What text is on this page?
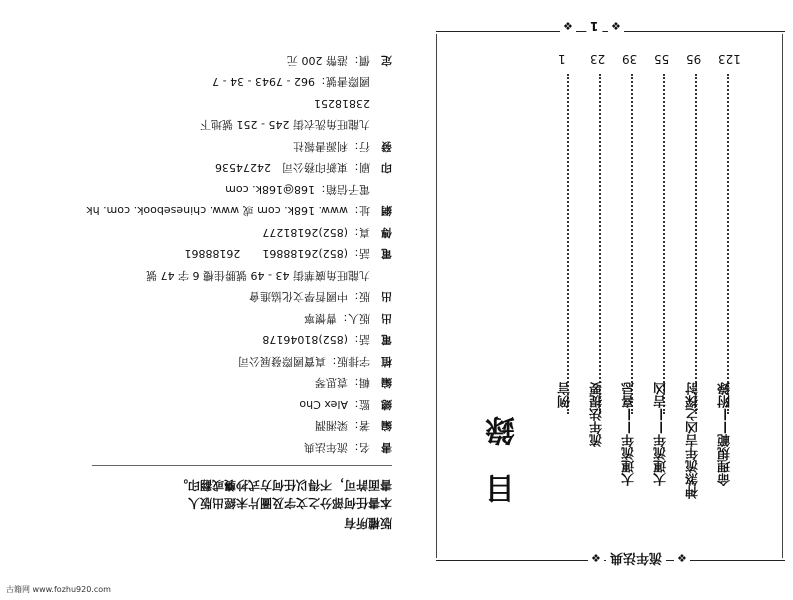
版權所有
本書任何部分之文字及圖片未經出版人
書面許可，不得以任何方式抄襲或翻印。
書名：流年法典
編著：梁湘潤
總監：Alex Cho
編輯：袁思琴
植字排版：真寶國際發展公司
電話：(852)81046178
出版人：曹懷寧
出版：中國哲學文化協進會
九龍旺角廣華街 43 - 49 號勝佳樓 6 字 47 號
電話：(852)26188861　　26188861
傳真：(852)26181277
網址：www. 168k. com 或 www. chinesebook. com. hk
電子信箱：168@168k. com
印刷：東新印務公司　24274536
發行：利源書報社
九龍旺角洗衣街 245 - 251 號地下
23818251
國際書號：962 - 7943 - 34 - 7
定價：港幣 200 元
❖	1	❖
1
例言
23
流年法提要
39
大運流年——喜忌
55
大運流年——吉凶
95
神煞流年吉凶之探討
123
命理規範——附錄
目錄
❖ 流年法典	❖
古籍网 www.fozhu920.com
